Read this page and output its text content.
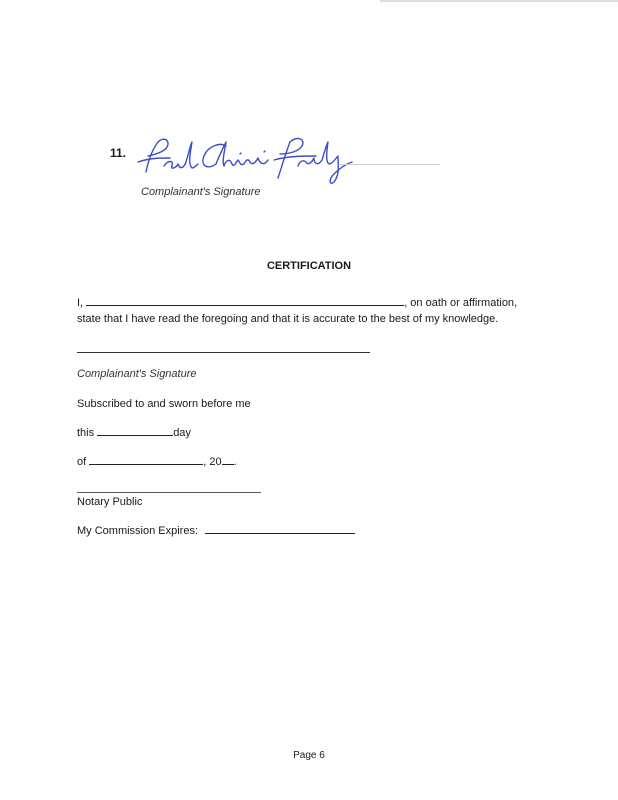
11.
Complainant's Signature
CERTIFICATION
I,	, on oath or affirmation,
state that I have read the foregoing and that it is accurate to the best of my knowledge.
Complainant's Signature
Subscribed to and sworn before me
this	day
of	, 20 .
Notary Public
My Commission Expires:
Page 6
